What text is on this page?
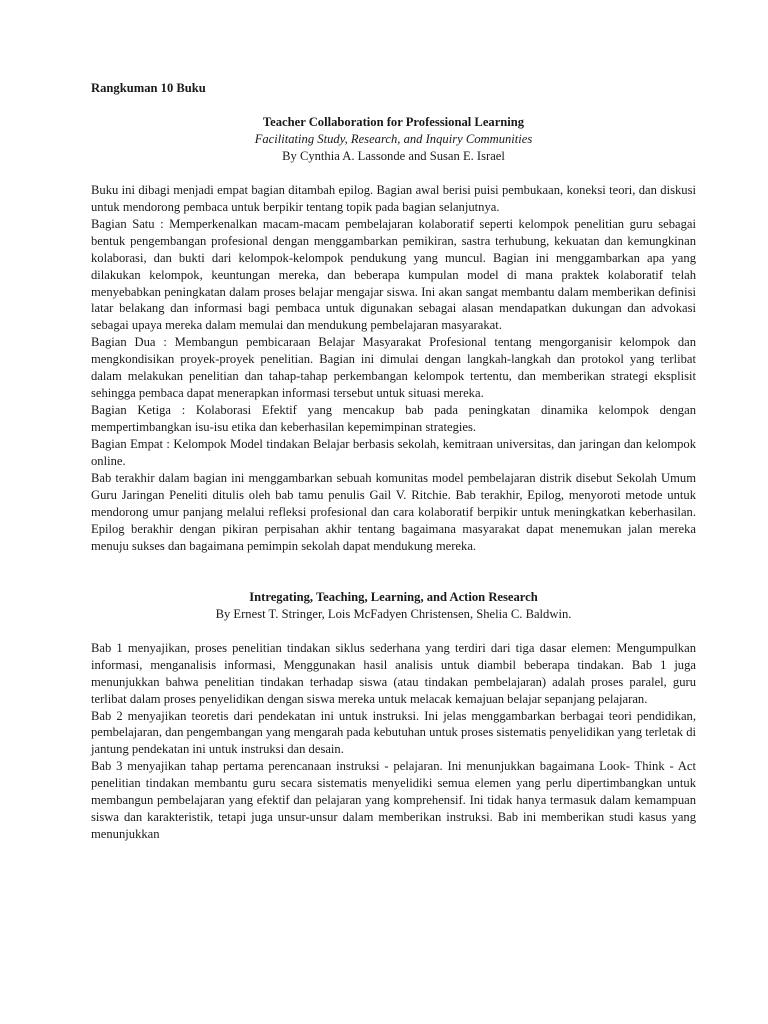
Rangkuman 10 Buku

Teacher Collaboration for Professional Learning
Facilitating Study, Research, and Inquiry Communities
By Cynthia A. Lassonde and Susan E. Israel

Buku ini dibagi menjadi empat bagian ditambah epilog. Bagian awal berisi puisi pembukaan, koneksi teori, dan diskusi untuk mendorong pembaca untuk berpikir tentang topik pada bagian selanjutnya.

Bagian Satu : Memperkenalkan macam-macam pembelajaran kolaboratif seperti kelompok penelitian guru sebagai bentuk pengembangan profesional dengan menggambarkan pemikiran, sastra terhubung, kekuatan dan kemungkinan kolaborasi, dan bukti dari kelompok-kelompok pendukung yang muncul. Bagian ini menggambarkan apa yang dilakukan kelompok, keuntungan mereka, dan beberapa kumpulan model di mana praktek kolaboratif telah menyebabkan peningkatan dalam proses belajar mengajar siswa. Ini akan sangat membantu dalam memberikan definisi latar belakang dan informasi bagi pembaca untuk digunakan sebagai alasan mendapatkan dukungan dan advokasi sebagai upaya mereka dalam memulai dan mendukung pembelajaran masyarakat.

Bagian Dua : Membangun pembicaraan Belajar Masyarakat Profesional tentang mengorganisir kelompok dan mengkondisikan proyek-proyek penelitian. Bagian ini dimulai dengan langkah-langkah dan protokol yang terlibat dalam melakukan penelitian dan tahap-tahap perkembangan kelompok tertentu, dan memberikan strategi eksplisit sehingga pembaca dapat menerapkan informasi tersebut untuk situasi mereka.

Bagian Ketiga : Kolaborasi Efektif yang mencakup bab pada peningkatan dinamika kelompok dengan mempertimbangkan isu-isu etika dan keberhasilan kepemimpinan strategies.

Bagian Empat : Kelompok Model tindakan Belajar berbasis sekolah, kemitraan universitas, dan jaringan dan kelompok online.

Bab terakhir dalam bagian ini menggambarkan sebuah komunitas model pembelajaran distrik disebut Sekolah Umum Guru Jaringan Peneliti ditulis oleh bab tamu penulis Gail V. Ritchie. Bab terakhir, Epilog, menyoroti metode untuk mendorong umur panjang melalui refleksi profesional dan cara kolaboratif berpikir untuk meningkatkan keberhasilan. Epilog berakhir dengan pikiran perpisahan akhir tentang bagaimana masyarakat dapat menemukan jalan mereka menuju sukses dan bagaimana pemimpin sekolah dapat mendukung mereka.

Intregating, Teaching, Learning, and Action Research
By Ernest T. Stringer, Lois McFadyen Christensen, Shelia C. Baldwin.

Bab 1 menyajikan, proses penelitian tindakan siklus sederhana yang terdiri dari tiga dasar elemen: Mengumpulkan informasi, menganalisis informasi, Menggunakan hasil analisis untuk diambil beberapa tindakan. Bab 1 juga menunjukkan bahwa penelitian tindakan terhadap siswa (atau tindakan pembelajaran) adalah proses paralel, guru terlibat dalam proses penyelidikan dengan siswa mereka untuk melacak kemajuan belajar sepanjang pelajaran.

Bab 2 menyajikan teoretis dari pendekatan ini untuk instruksi. Ini jelas menggambarkan berbagai teori pendidikan, pembelajaran, dan pengembangan yang mengarah pada kebutuhan untuk proses sistematis penyelidikan yang terletak di jantung pendekatan ini untuk instruksi dan desain.

Bab 3 menyajikan tahap pertama perencanaan instruksi - pelajaran. Ini menunjukkan bagaimana Look- Think - Act penelitian tindakan membantu guru secara sistematis menyelidiki semua elemen yang perlu dipertimbangkan untuk membangun pembelajaran yang efektif dan pelajaran yang komprehensif. Ini tidak hanya termasuk dalam kemampuan siswa dan karakteristik, tetapi juga unsur-unsur dalam memberikan instruksi. Bab ini memberikan studi kasus yang menunjukkan
